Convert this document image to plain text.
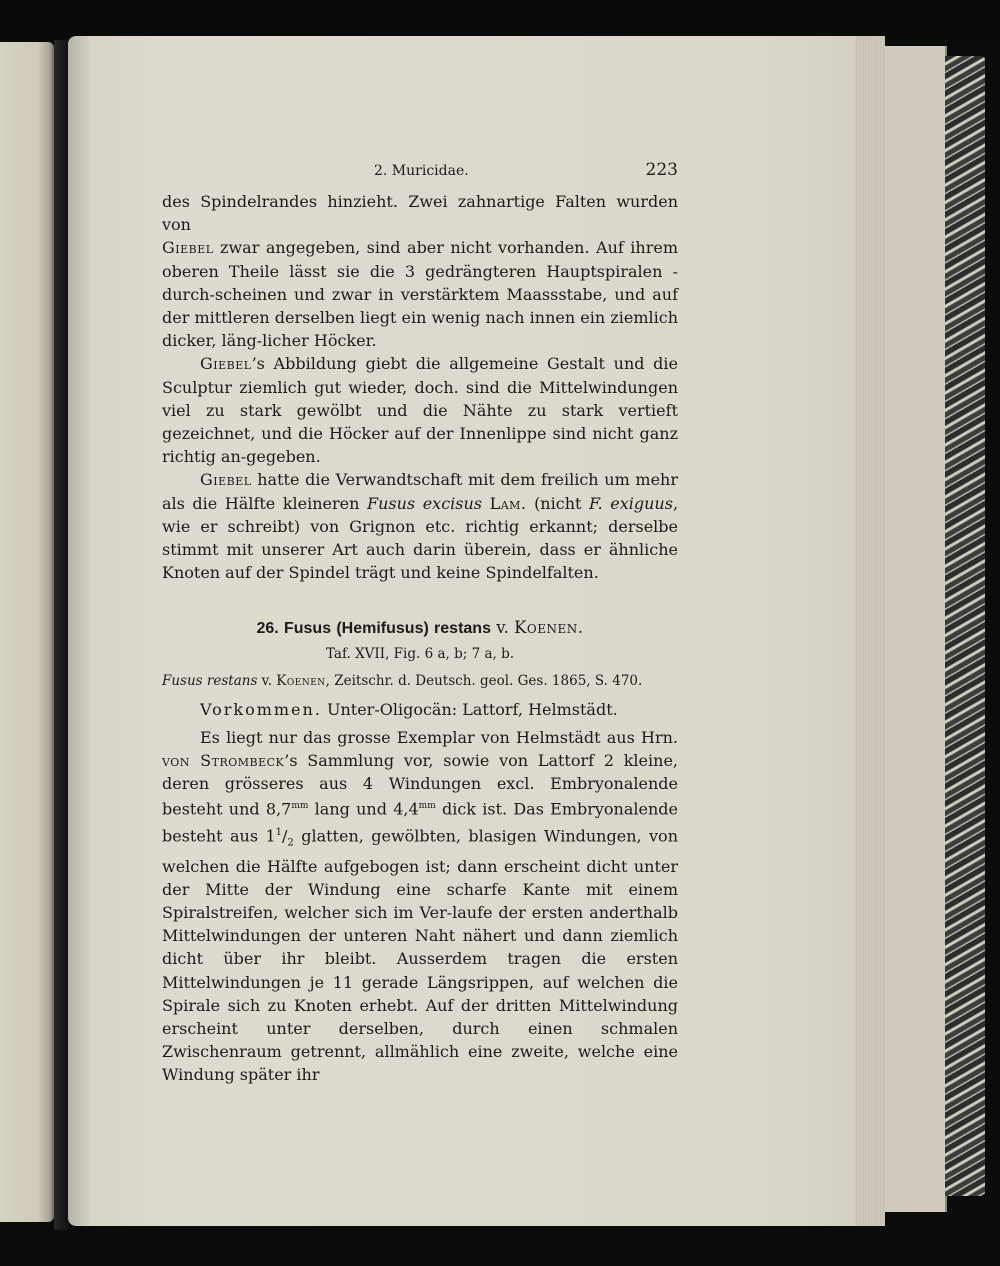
2. Muricidae.	223

des Spindelrandes hinzieht. Zwei zahnartige Falten wurden von
Giebel zwar angegeben, sind aber nicht vorhanden. Auf ihrem oberen Theile lässt sie die 3 gedrängteren Hauptspiralen -durch-scheinen und zwar in verstärktem Maassstabe, und auf der mittleren derselben liegt ein wenig nach innen ein ziemlich dicker, läng-licher Höcker.

Giebel’s Abbildung giebt die allgemeine Gestalt und die Sculptur ziemlich gut wieder, doch. sind die Mittelwindungen viel zu stark gewölbt und die Nähte zu stark vertieft gezeichnet, und die Höcker auf der Innenlippe sind nicht ganz richtig an-gegeben.

Giebel hatte die Verwandtschaft mit dem freilich um mehr als die Hälfte kleineren Fusus excisus Lam. (nicht F. exiguus, wie er schreibt) von Grignon etc. richtig erkannt; derselbe stimmt mit unserer Art auch darin überein, dass er ähnliche Knoten auf der Spindel trägt und keine Spindelfalten.

26. Fusus (Hemifusus) restans v. Koenen.
Taf. XVII, Fig. 6 a, b; 7 a, b.
Fusus restans v. Koenen, Zeitschr. d. Deutsch. geol. Ges. 1865, S. 470.

Vorkommen. Unter-Oligocän: Lattorf, Helmstädt.

Es liegt nur das grosse Exemplar von Helmstädt aus Hrn. von Strombeck’s Sammlung vor, sowie von Lattorf 2 kleine, deren grösseres aus 4 Windungen excl. Embryonalende besteht und $8,7^{mm}$ lang und $4,4^{mm}$ dick ist. Das Embryonalende besteht aus $1^1/_2$ glatten, gewölbten, blasigen Windungen, von welchen die Hälfte aufgebogen ist; dann erscheint dicht unter der Mitte der Windung eine scharfe Kante mit einem Spiralstreifen, welcher sich im Ver-laufe der ersten anderthalb Mittelwindungen der unteren Naht nähert und dann ziemlich dicht über ihr bleibt. Ausserdem tragen die ersten Mittelwindungen je 11 gerade Längsrippen, auf welchen die Spirale sich zu Knoten erhebt. Auf der dritten Mittelwindung erscheint unter derselben, durch einen schmalen Zwischenraum getrennt, allmählich eine zweite, welche eine Windung später ihr
